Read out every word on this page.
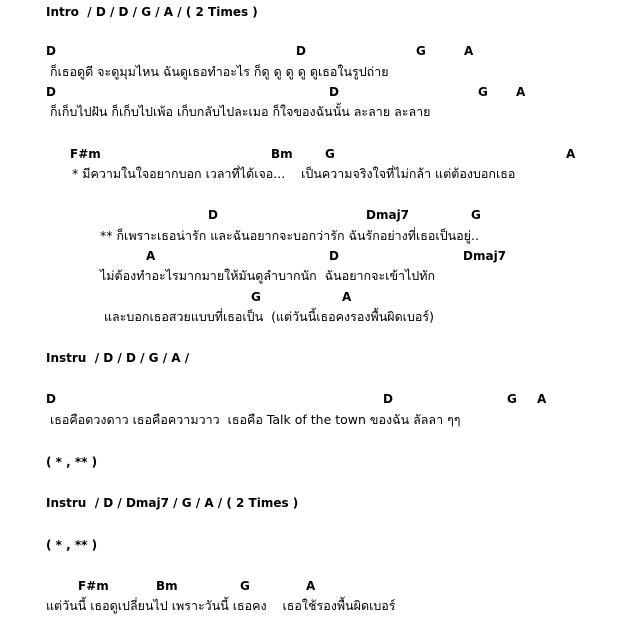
Intro  / D / D / G / A / ( 2 Times )
D	D	G	A
ก็เธอดูดี จะดูมุมไหน ฉันดูเธอทำอะไร ก็ดู ดู ดู ดู ดูเธอในรูปถ่าย
D	D	G A
ก็เก็บไปฝัน ก็เก็บไปเพ้อ เก็บกลับไปละเมอ ก็ใจของฉันนั้น ละลาย ละลาย
F#m	Bm	G	A
* มีความในใจอยากบอก เวลาที่ได้เจอ...    เป็นความจริงใจที่ไม่กล้า แต่ต้องบอกเธอ
D	Dmaj7	G
** ก็เพราะเธอน่ารัก และฉันอยากจะบอกว่ารัก ฉันรักอย่างที่เธอเป็นอยู่..
A	D	Dmaj7
ไม่ต้องทำอะไรมากมายให้มันดูลำบากนัก  ฉันอยากจะเข้าไปทัก
G	A
และบอกเธอสวยแบบที่เธอเป็น  (แต่วันนี้เธอคงรองพื้นผิดเบอร์)
Instru  / D / D / G / A /
D	D	G A
เธอคือดวงดาว เธอคือความวาว  เธอคือ Talk of the town ของฉัน ลัลลา ๆๆ
( * , ** )
Instru  / D / Dmaj7 / G / A / ( 2 Times )
( * , ** )
F#m	Bm	G	A
แต่วันนี้ เธอดูเปลี่ยนไป เพราะวันนี้ เธอคง    เธอใช้รองพื้นผิดเบอร์
